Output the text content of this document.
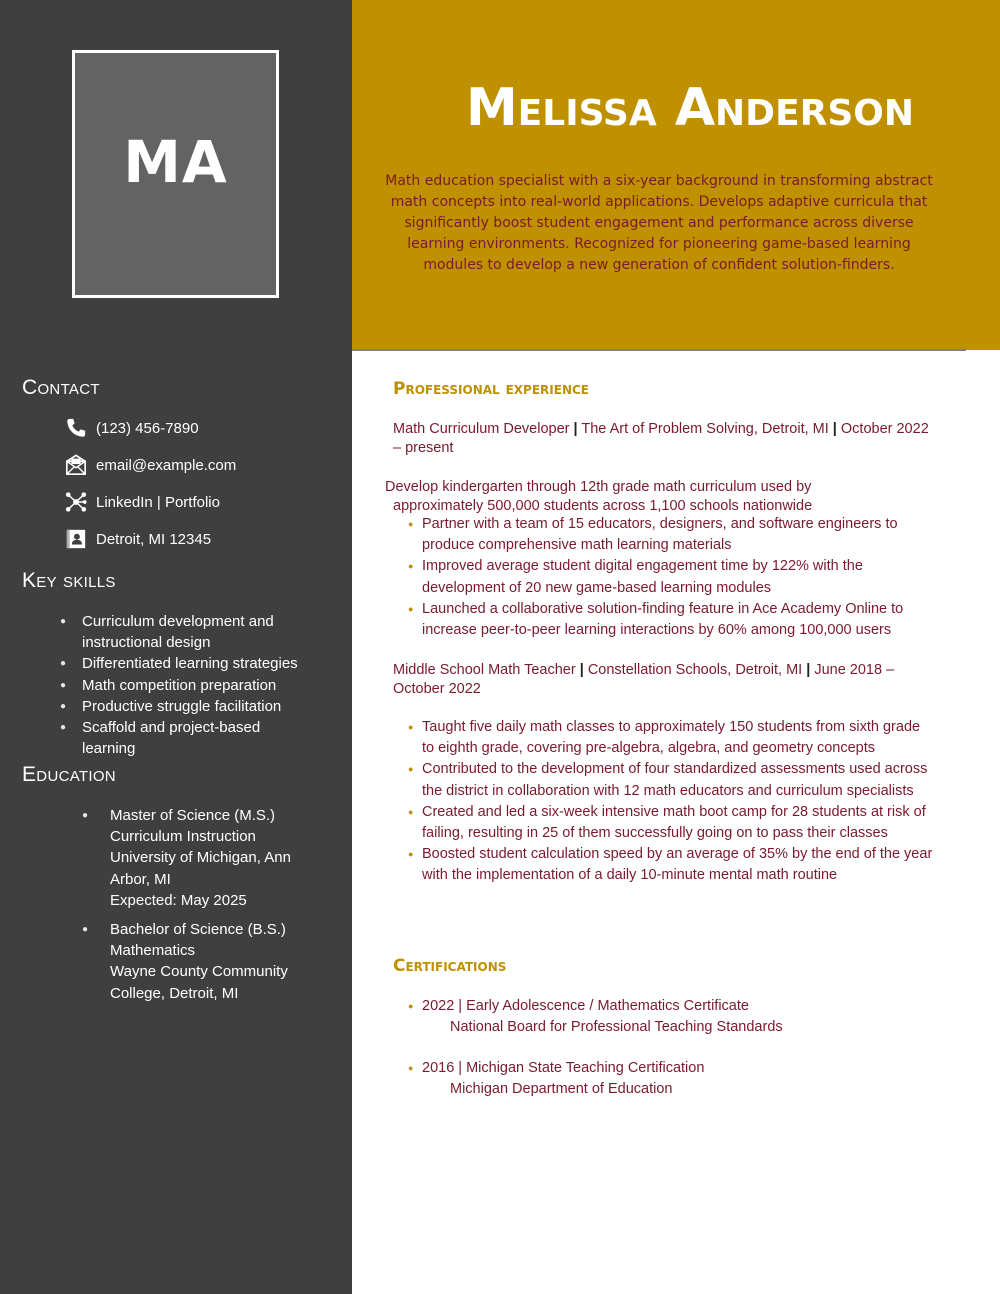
MA
Contact
(123) 456-7890
email@example.com
LinkedIn | Portfolio
Detroit, MI 12345
Key skills
● Curriculum development and instructional design
● Differentiated learning strategies
● Math competition preparation
● Productive struggle facilitation
● Scaffold and project-based learning
Education
● Master of Science (M.S.)
Curriculum Instruction
University of Michigan, Ann Arbor, MI
Expected: May 2025
● Bachelor of Science (B.S.)
Mathematics
Wayne County Community College, Detroit, MI
Melissa Anderson
Math education specialist with a six-year background in transforming abstract math concepts into real-world applications. Develops adaptive curricula that significantly boost student engagement and performance across diverse learning environments. Recognized for pioneering game-based learning modules to develop a new generation of confident solution-finders.
Professional experience
Math Curriculum Developer | The Art of Problem Solving, Detroit, MI | October 2022 – present
Develop kindergarten through 12th grade math curriculum used by
approximately 500,000 students across 1,100 schools nationwide
● Partner with a team of 15 educators, designers, and software engineers to produce comprehensive math learning materials
● Improved average student digital engagement time by 122% with the development of 20 new game-based learning modules
● Launched a collaborative solution-finding feature in Ace Academy Online to increase peer-to-peer learning interactions by 60% among 100,000 users
Middle School Math Teacher | Constellation Schools, Detroit, MI | June 2018 – October 2022
● Taught five daily math classes to approximately 150 students from sixth grade to eighth grade, covering pre-algebra, algebra, and geometry concepts
● Contributed to the development of four standardized assessments used across the district in collaboration with 12 math educators and curriculum specialists
● Created and led a six-week intensive math boot camp for 28 students at risk of failing, resulting in 25 of them successfully going on to pass their classes
● Boosted student calculation speed by an average of 35% by the end of the year with the implementation of a daily 10-minute mental math routine
Certifications
● 2022 | Early Adolescence / Mathematics Certificate
National Board for Professional Teaching Standards
● 2016 | Michigan State Teaching Certification
Michigan Department of Education
